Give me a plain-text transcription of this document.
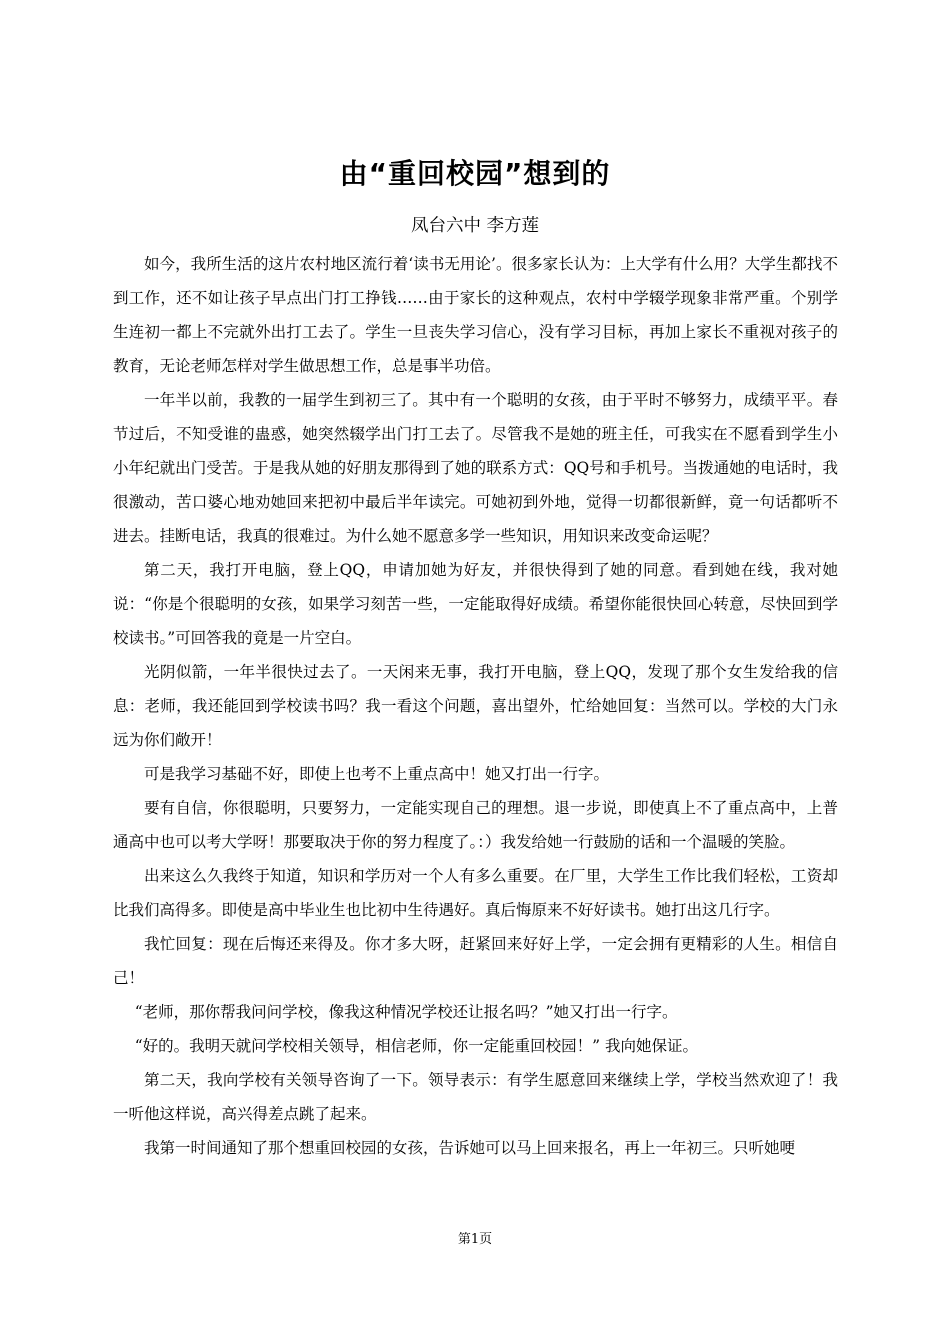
由“重回校园”想到的
凤台六中 李方莲

如今，我所生活的这片农村地区流行着‘读书无用论’。很多家长认为：上大学有什么用？大学生都找不到工作，还不如让孩子早点出门打工挣钱……由于家长的这种观点，农村中学辍学现象非常严重。个别学生连初一都上不完就外出打工去了。学生一旦丧失学习信心，没有学习目标，再加上家长不重视对孩子的教育，无论老师怎样对学生做思想工作，总是事半功倍。

一年半以前，我教的一届学生到初三了。其中有一个聪明的女孩，由于平时不够努力，成绩平平。春节过后，不知受谁的蛊惑，她突然辍学出门打工去了。尽管我不是她的班主任，可我实在不愿看到学生小小年纪就出门受苦。于是我从她的好朋友那得到了她的联系方式：QQ号和手机号。当拨通她的电话时，我很激动，苦口婆心地劝她回来把初中最后半年读完。可她初到外地，觉得一切都很新鲜，竟一句话都听不进去。挂断电话，我真的很难过。为什么她不愿意多学一些知识，用知识来改变命运呢？

第二天，我打开电脑，登上QQ，申请加她为好友，并很快得到了她的同意。看到她在线，我对她说：“你是个很聪明的女孩，如果学习刻苦一些，一定能取得好成绩。希望你能很快回心转意，尽快回到学校读书。”可回答我的竟是一片空白。

光阴似箭，一年半很快过去了。一天闲来无事，我打开电脑，登上QQ，发现了那个女生发给我的信息：老师，我还能回到学校读书吗？我一看这个问题，喜出望外，忙给她回复：当然可以。学校的大门永远为你们敞开！

可是我学习基础不好，即使上也考不上重点高中！她又打出一行字。

要有自信，你很聪明，只要努力，一定能实现自己的理想。退一步说，即使真上不了重点高中，上普通高中也可以考大学呀！那要取决于你的努力程度了。：）我发给她一行鼓励的话和一个温暖的笑脸。

出来这么久我终于知道，知识和学历对一个人有多么重要。在厂里，大学生工作比我们轻松，工资却比我们高得多。即使是高中毕业生也比初中生待遇好。真后悔原来不好好读书。她打出这几行字。

我忙回复：现在后悔还来得及。你才多大呀，赶紧回来好好上学，一定会拥有更精彩的人生。相信自己！

“老师，那你帮我问问学校，像我这种情况学校还让报名吗？”她又打出一行字。

“好的。我明天就问学校相关领导，相信老师，你一定能重回校园！” 我向她保证。

第二天，我向学校有关领导咨询了一下。领导表示：有学生愿意回来继续上学，学校当然欢迎了！我一听他这样说，高兴得差点跳了起来。

我第一时间通知了那个想重回校园的女孩，告诉她可以马上回来报名，再上一年初三。只听她哽

第1页
